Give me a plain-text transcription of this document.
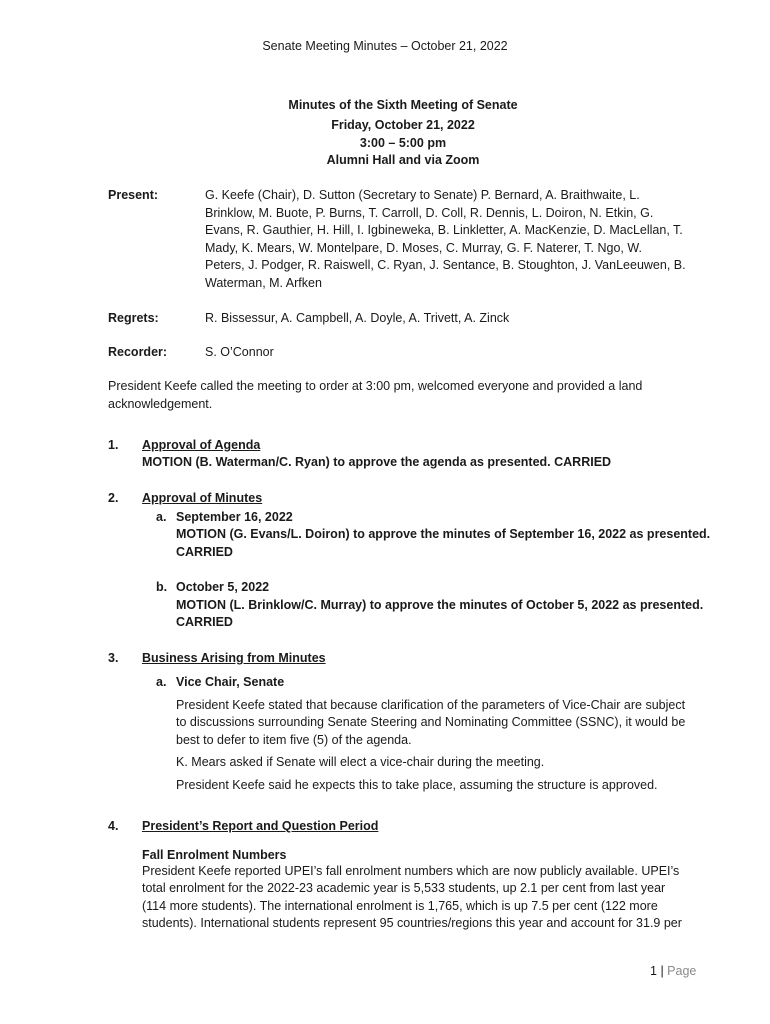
Senate Meeting Minutes – October 21, 2022
Minutes of the Sixth Meeting of Senate
Friday, October 21, 2022
3:00 – 5:00 pm
Alumni Hall and via Zoom
Present:	G. Keefe (Chair), D. Sutton (Secretary to Senate) P. Bernard, A. Braithwaite, L.
Brinklow, M. Buote, P. Burns, T. Carroll, D. Coll, R. Dennis, L. Doiron, N. Etkin, G.
Evans, R. Gauthier, H. Hill, I. Igbineweka, B. Linkletter, A. MacKenzie, D. MacLellan, T.
Mady, K. Mears, W. Montelpare, D. Moses, C. Murray, G. F. Naterer, T. Ngo, W.
Peters, J. Podger, R. Raiswell, C. Ryan, J. Sentance, B. Stoughton, J. VanLeeuwen, B.
Waterman, M. Arfken
Regrets:	R. Bissessur, A. Campbell, A. Doyle, A. Trivett, A. Zinck
Recorder:	S. O’Connor
President Keefe called the meeting to order at 3:00 pm, welcomed everyone and provided a land
acknowledgement.
1. Approval of Agenda
MOTION (B. Waterman/C. Ryan) to approve the agenda as presented. CARRIED
2. Approval of Minutes
a. September 16, 2022
MOTION (G. Evans/L. Doiron) to approve the minutes of September 16, 2022 as presented.
CARRIED
b. October 5, 2022
MOTION (L. Brinklow/C. Murray) to approve the minutes of October 5, 2022 as presented.
CARRIED
3. Business Arising from Minutes
a. Vice Chair, Senate
President Keefe stated that because clarification of the parameters of Vice-Chair are subject
to discussions surrounding Senate Steering and Nominating Committee (SSNC), it would be
best to defer to item five (5) of the agenda.
K. Mears asked if Senate will elect a vice-chair during the meeting.
President Keefe said he expects this to take place, assuming the structure is approved.
4. President’s Report and Question Period
Fall Enrolment Numbers
President Keefe reported UPEI’s fall enrolment numbers which are now publicly available. UPEI’s
total enrolment for the 2022-23 academic year is 5,533 students, up 2.1 per cent from last year
(114 more students). The international enrolment is 1,765, which is up 7.5 per cent (122 more
students). International students represent 95 countries/regions this year and account for 31.9 per
1 | Page
